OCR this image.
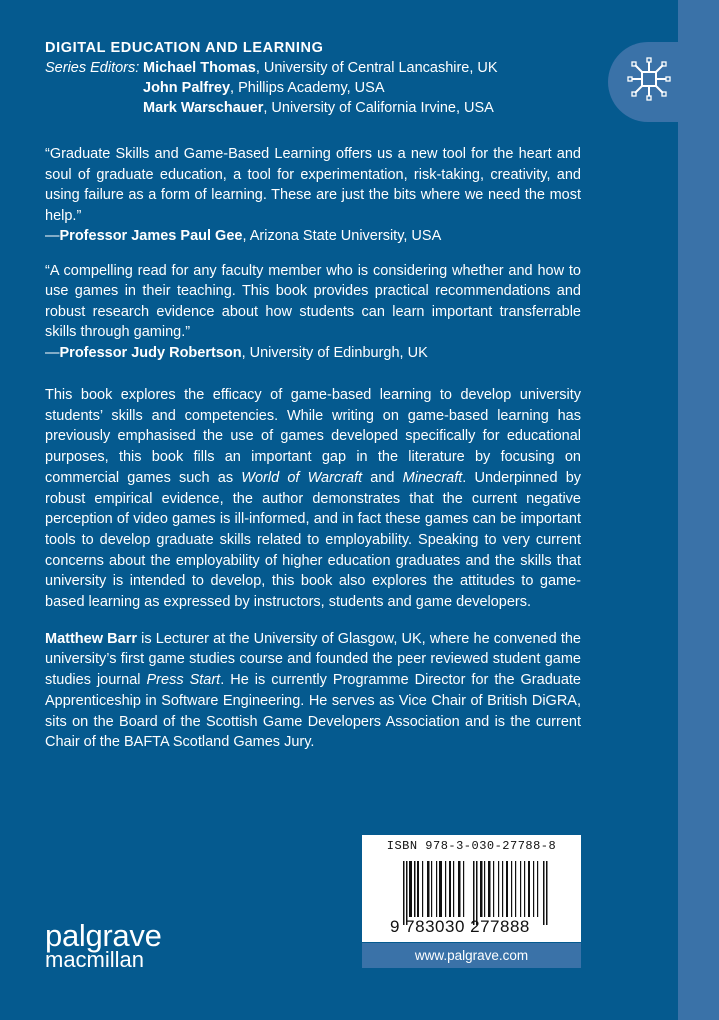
DIGITAL EDUCATION AND LEARNING
Series Editors: Michael Thomas, University of Central Lancashire, UK
John Palfrey, Phillips Academy, USA
Mark Warschauer, University of California Irvine, USA
“Graduate Skills and Game-Based Learning offers us a new tool for the heart and soul of graduate education, a tool for experimentation, risk-taking, creativity, and using failure as a form of learning. These are just the bits where we need the most help.”
—Professor James Paul Gee, Arizona State University, USA
“A compelling read for any faculty member who is considering whether and how to use games in their teaching. This book provides practical recommendations and robust research evidence about how students can learn important transferrable skills through gaming.”
—Professor Judy Robertson, University of Edinburgh, UK
This book explores the efficacy of game-based learning to develop university students’ skills and competencies. While writing on game-based learning has previously emphasised the use of games developed specifically for educational purposes, this book fills an important gap in the literature by focusing on commercial games such as World of Warcraft and Minecraft. Underpinned by robust empirical evidence, the author demonstrates that the current negative perception of video games is ill-informed, and in fact these games can be important tools to develop graduate skills related to employability. Speaking to very current concerns about the employability of higher education graduates and the skills that university is intended to develop, this book also explores the attitudes to game-based learning as expressed by instructors, students and game developers.
Matthew Barr is Lecturer at the University of Glasgow, UK, where he convened the university’s first game studies course and founded the peer reviewed student game studies journal Press Start. He is currently Programme Director for the Graduate Apprenticeship in Software Engineering. He serves as Vice Chair of British DiGRA, sits on the Board of the Scottish Game Developers Association and is the current Chair of the BAFTA Scotland Games Jury.
ISBN 978-3-030-27788-8
9 783030 277888
www.palgrave.com
palgrave
macmillan
